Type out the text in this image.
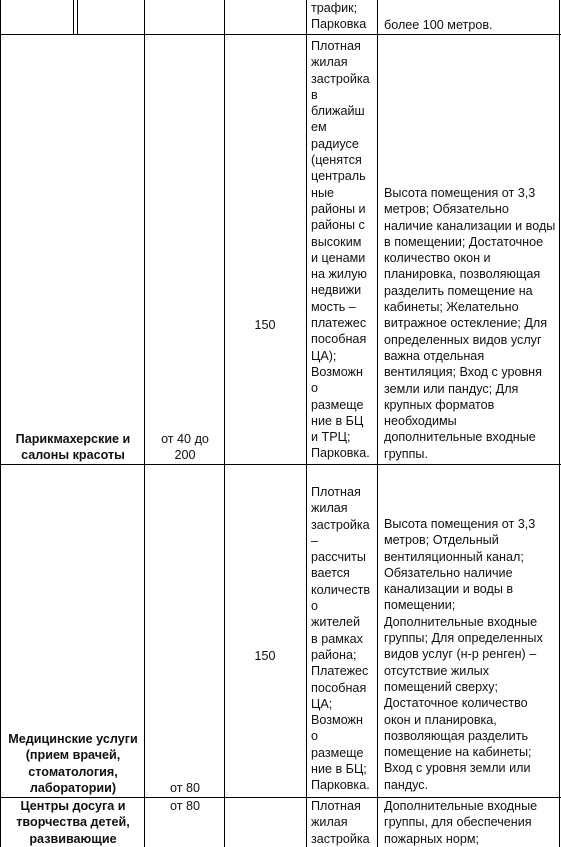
трафик;
Парковка более 100 метров.
Парикмахерские и
салоны красоты
от 40 до
200
150
Плотная
жилая
застройка
в
ближайш
ем
радиусе
(ценятся
централь
ные
районы и
районы с
высоким
и ценами
на жилую
недвижи
мость –
платежес
пособная
ЦА);
Возможн
о
размеще
ние в БЦ
и ТРЦ;
Парковка.
Высота помещения от 3,3
метров; Обязательно
наличие канализации и воды
в помещении; Достаточное
количество окон и
планировка, позволяющая
разделить помещение на
кабинеты; Желательно
витражное остекление; Для
определенных видов услуг
важна отдельная
вентиляция; Вход с уровня
земли или пандус; Для
крупных форматов
необходимы
дополнительные входные
группы.
Медицинские услуги
(прием врачей,
стоматология,
лаборатории)	от 80
150
Плотная
жилая
застройка
–
рассчиты
вается
количеств
о
жителей
в рамках
района;
Платежес
пособная
ЦА;
Возможн
о
размеще
ние в БЦ;
Парковка.
Высота помещения от 3,3
метров; Отдельный
вентиляционный канал;
Обязательно наличие
канализации и воды в
помещении;
Дополнительные входные
группы; Для определенных
видов услуг (н-р ренген) –
отсутствие жилых
помещений сверху;
Достаточное количество
окон и планировка,
позволяющая разделить
помещение на кабинеты;
Вход с уровня земли или
пандус.
Центры досуга и
творчества детей,
развивающие
от 80	Плотная
жилая
застройка
Дополнительные входные
группы, для обеспечения
пожарных норм;
